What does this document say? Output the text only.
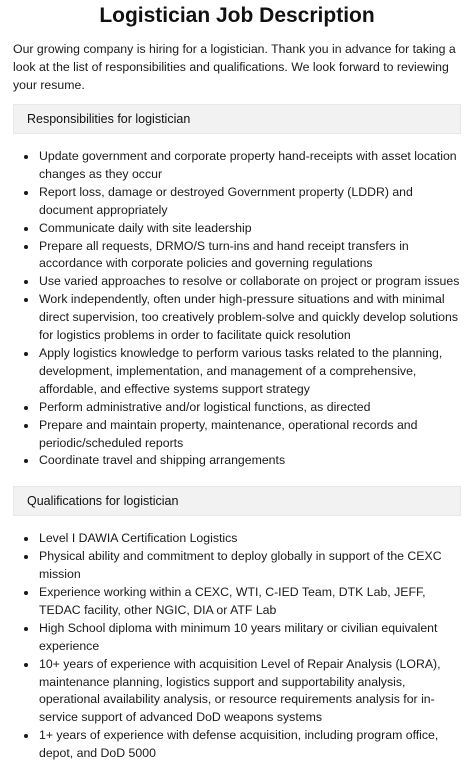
Logistician Job Description

Our growing company is hiring for a logistician. Thank you in advance for taking a look at the list of responsibilities and qualifications. We look forward to reviewing your resume.

Responsibilities for logistician
• Update government and corporate property hand-receipts with asset location changes as they occur
• Report loss, damage or destroyed Government property (LDDR) and document appropriately
• Communicate daily with site leadership
• Prepare all requests, DRMO/S turn-ins and hand receipt transfers in accordance with corporate policies and governing regulations
• Use varied approaches to resolve or collaborate on project or program issues
• Work independently, often under high-pressure situations and with minimal direct supervision, too creatively problem-solve and quickly develop solutions for logistics problems in order to facilitate quick resolution
• Apply logistics knowledge to perform various tasks related to the planning, development, implementation, and management of a comprehensive, affordable, and effective systems support strategy
• Perform administrative and/or logistical functions, as directed
• Prepare and maintain property, maintenance, operational records and periodic/scheduled reports
• Coordinate travel and shipping arrangements
Qualifications for logistician
• Level I DAWIA Certification Logistics
• Physical ability and commitment to deploy globally in support of the CEXC mission
• Experience working within a CEXC, WTI, C-IED Team, DTK Lab, JEFF, TEDAC facility, other NGIC, DIA or ATF Lab
• High School diploma with minimum 10 years military or civilian equivalent experience
• 10+ years of experience with acquisition Level of Repair Analysis (LORA), maintenance planning, logistics support and supportability analysis, operational availability analysis, or resource requirements analysis for in-service support of advanced DoD weapons systems
• 1+ years of experience with defense acquisition, including program office, depot, and DoD 5000
